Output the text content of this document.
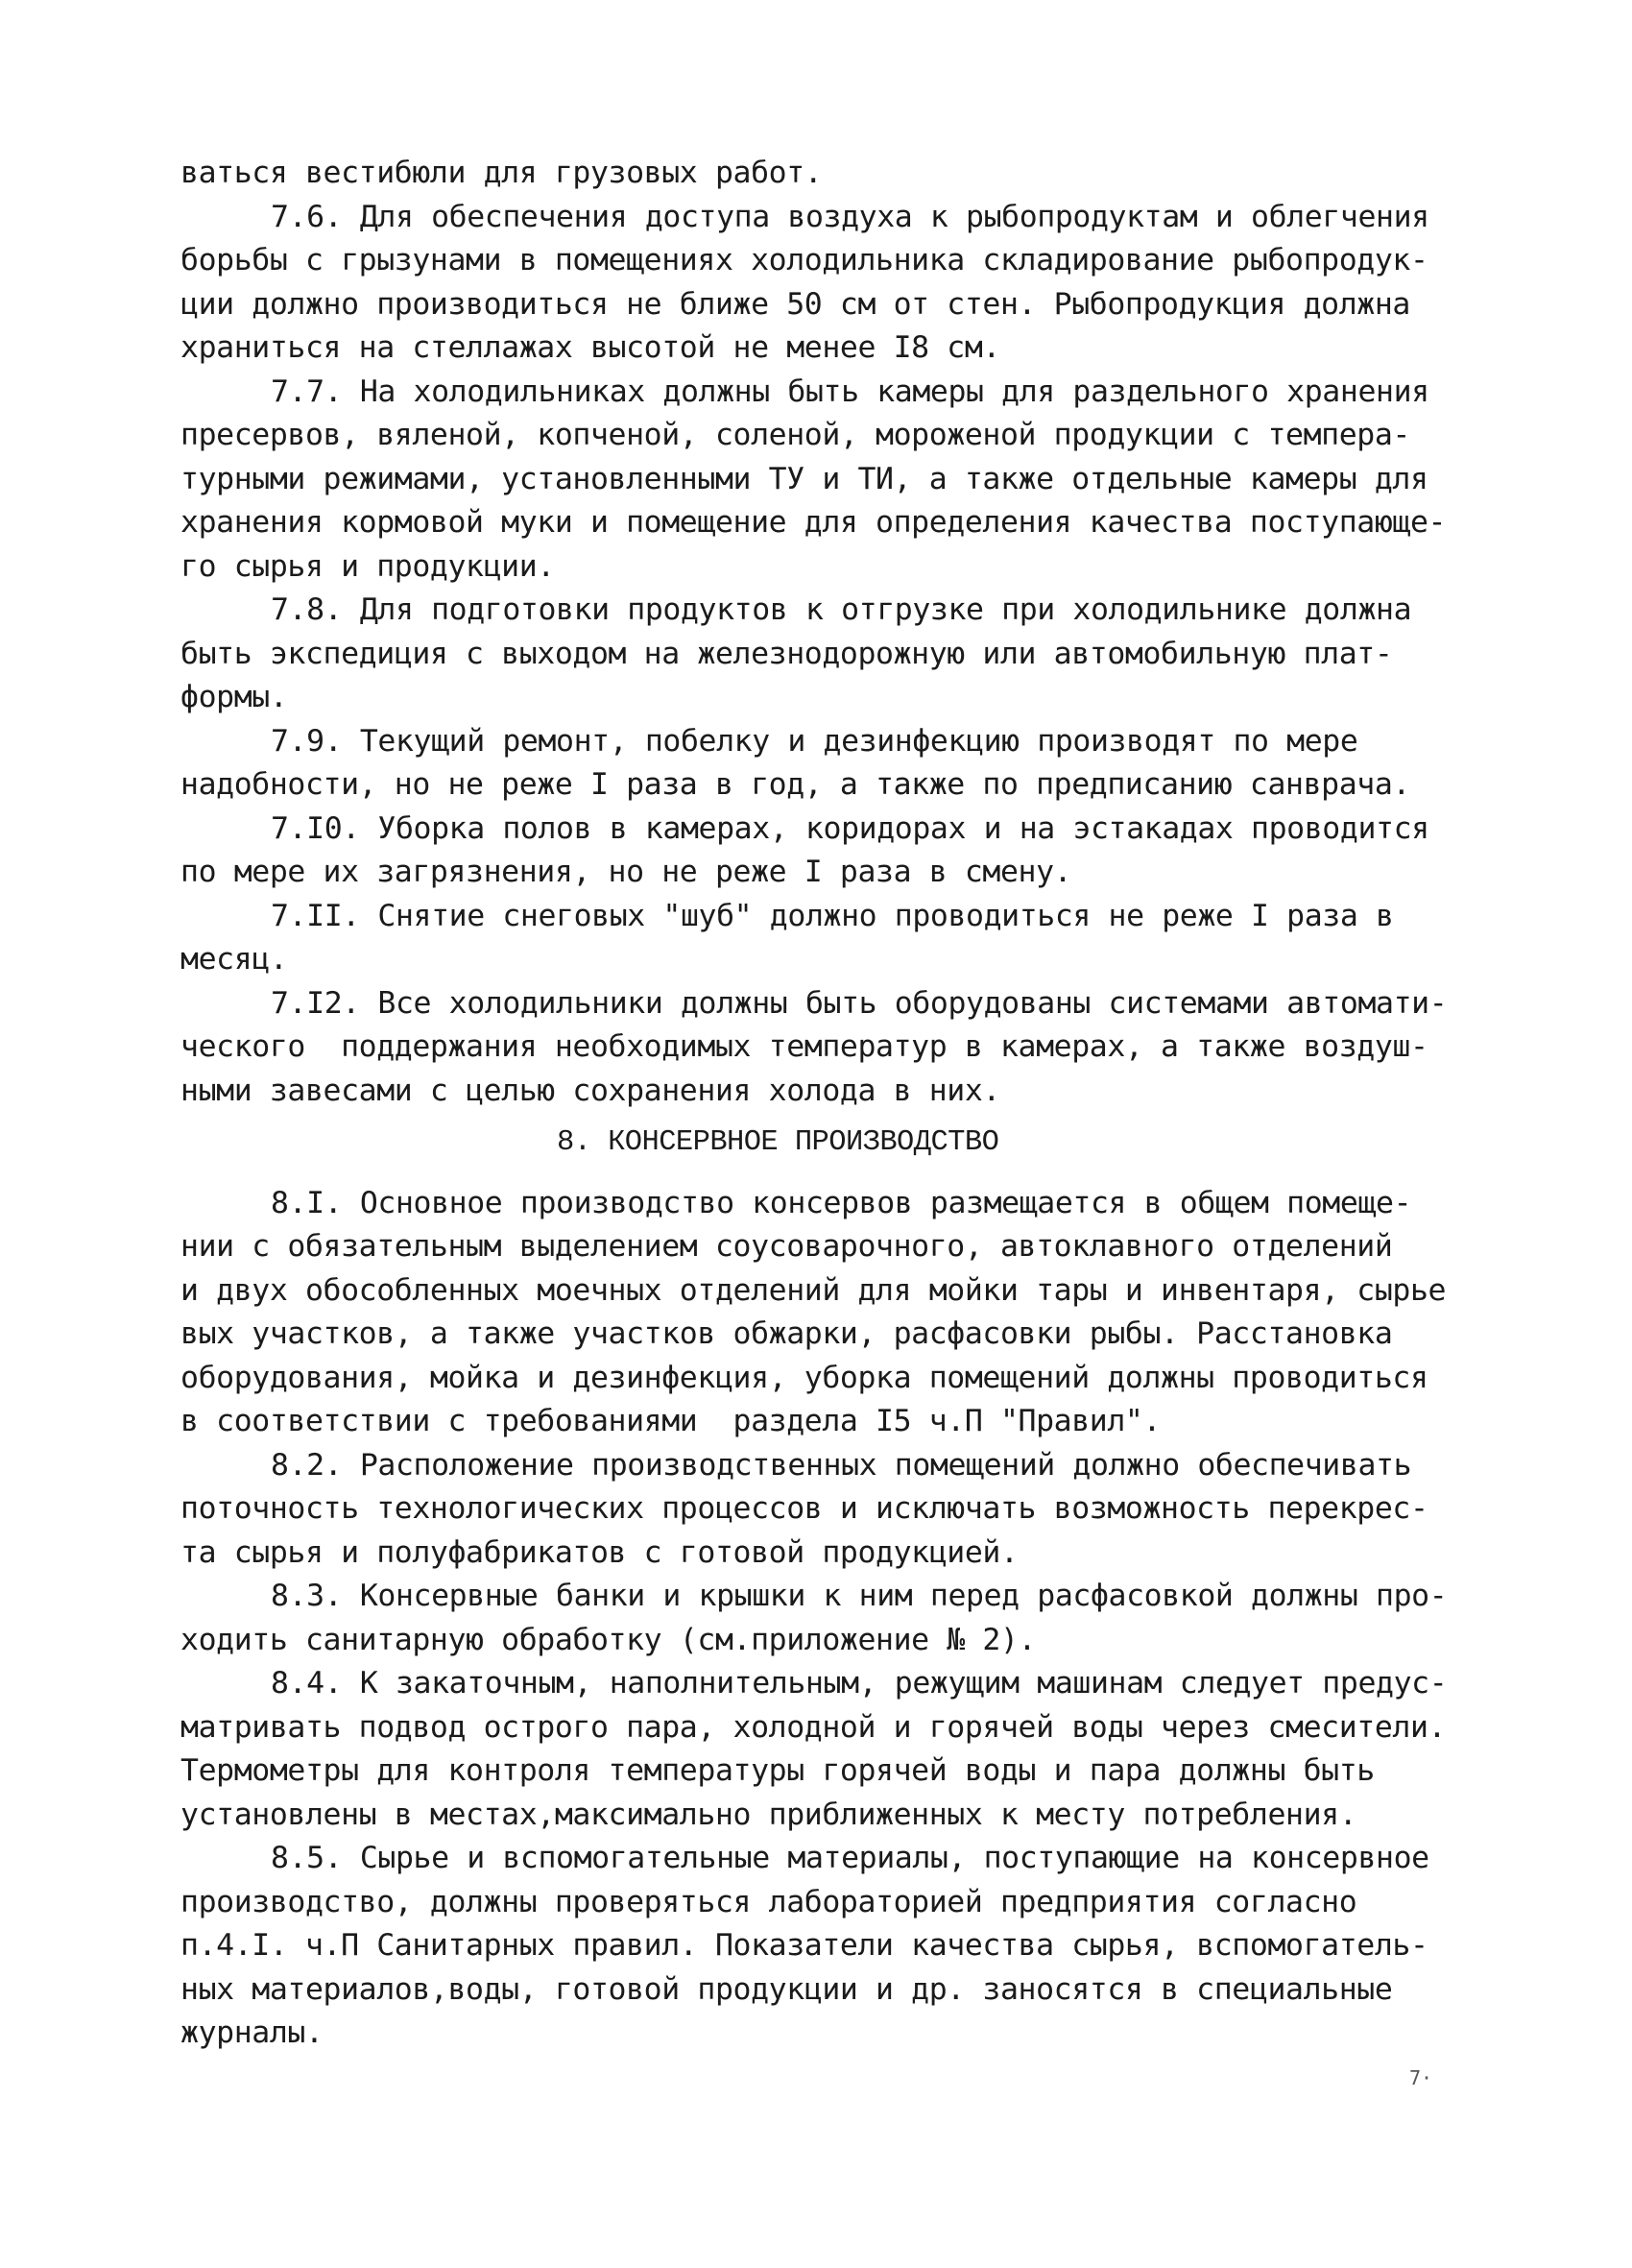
ваться вестибюли для грузовых работ.
7.6. Для обеспечения доступа воздуха к рыбопродуктам и облегчения
борьбы с грызунами в помещениях холодильника складирование рыбопродук-
ции должно производиться не ближе 50 см от стен. Рыбопродукция должна
храниться на стеллажах высотой не менее I8 см.
7.7. На холодильниках должны быть камеры для раздельного хранения
пресервов, вяленой, копченой, соленой, мороженой продукции с темпера-
турными режимами, установленными ТУ и ТИ, а также отдельные камеры для
хранения кормовой муки и помещение для определения качества поступающе-
го сырья и продукции.
7.8. Для подготовки продуктов к отгрузке при холодильнике должна
быть экспедиция с выходом на железнодорожную или автомобильную плат-
формы.
7.9. Текущий ремонт, побелку и дезинфекцию производят по мере
надобности, но не реже I раза в год, а также по предписанию санврача.
7.I0. Уборка полов в камерах, коридорах и на эстакадах проводится
по мере их загрязнения, но не реже I раза в смену.
7.II. Снятие снеговых "шуб" должно проводиться не реже I раза в
месяц.
7.I2. Все холодильники должны быть оборудованы системами автомати-
ческого  поддержания необходимых температур в камерах, а также воздуш-
ными завесами с целью сохранения холода в них.
8. КОНСЕРВНОЕ ПРОИЗВОДСТВО
8.I. Основное производство консервов размещается в общем помеще-
нии с обязательным выделением соусоварочного, автоклавного отделений
и двух обособленных моечных отделений для мойки тары и инвентаря, сырье
вых участков, а также участков обжарки, расфасовки рыбы. Расстановка
оборудования, мойка и дезинфекция, уборка помещений должны проводиться
в соответствии с требованиями  раздела I5 ч.П "Правил".
8.2. Расположение производственных помещений должно обеспечивать
поточность технологических процессов и исключать возможность перекрес-
та сырья и полуфабрикатов с готовой продукцией.
8.3. Консервные банки и крышки к ним перед расфасовкой должны про-
ходить санитарную обработку (см.приложение № 2).
8.4. К закаточным, наполнительным, режущим машинам следует предус-
матривать подвод острого пара, холодной и горячей воды через смесители.
Термометры для контроля температуры горячей воды и пара должны быть
установлены в местах,максимально приближенных к месту потребления.
8.5. Сырье и вспомогательные материалы, поступающие на консервное
производство, должны проверяться лабораторией предприятия согласно
п.4.I. ч.П Санитарных правил. Показатели качества сырья, вспомогатель-
ных материалов,воды, готовой продукции и др. заносятся в специальные
журналы.
7·
